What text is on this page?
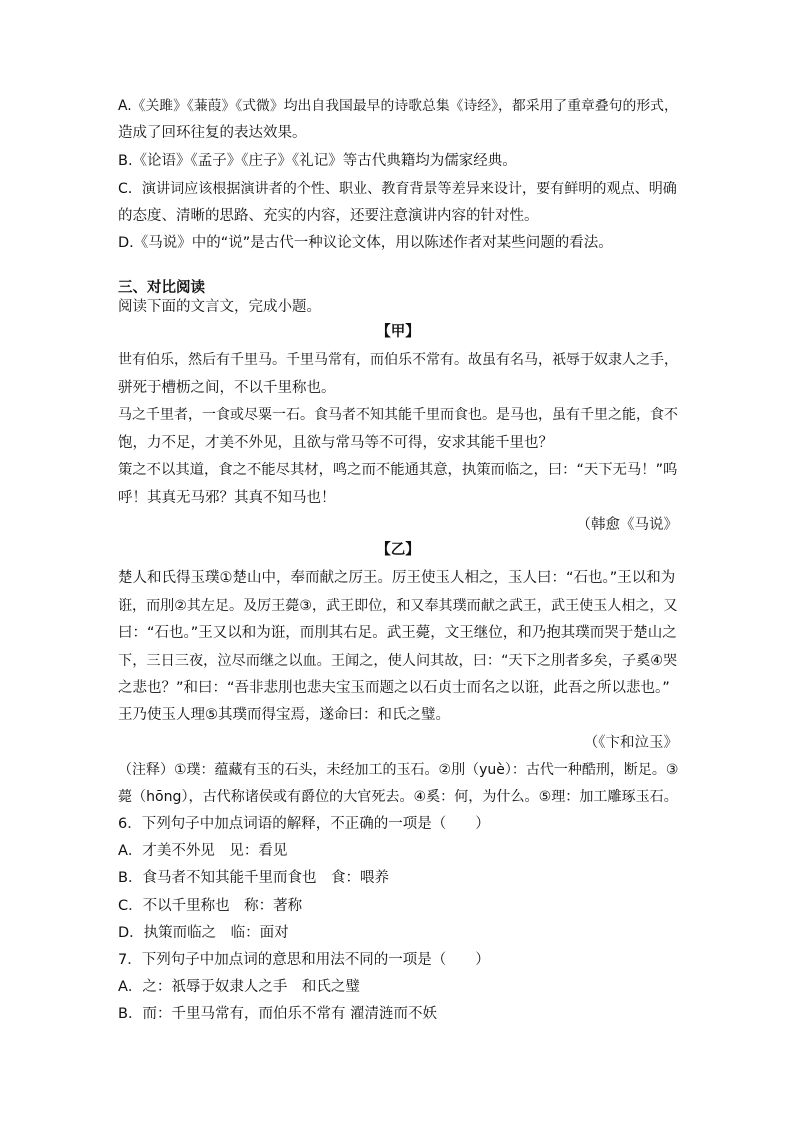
A.《关雎》《蒹葭》《式微》均出自我国最早的诗歌总集《诗经》，都采用了重章叠句的形式，
造成了回环往复的表达效果。
B.《论语》《孟子》《庄子》《礼记》等古代典籍均为儒家经典。
C．演讲词应该根据演讲者的个性、职业、教育背景等差异来设计，要有鲜明的观点、明确
的态度、清晰的思路、充实的内容，还要注意演讲内容的针对性。
D.《马说》中的“说”是古代一种议论文体，用以陈述作者对某些问题的看法。
三、对比阅读
阅读下面的文言文，完成小题。
【甲】
世有伯乐，然后有千里马。千里马常有，而伯乐不常有。故虽有名马，祇辱于奴隶人之手，
骈死于槽枥之间，不以千里称也。
马之千里者，一食或尽粟一石。食马者不知其能千里而食也。是马也，虽有千里之能，食不
饱，力不足，才美不外见，且欲与常马等不可得，安求其能千里也？
策之不以其道，食之不能尽其材，鸣之而不能通其意，执策而临之，曰：“天下无马！”呜
呼！其真无马邪？其真不知马也！
（韩愈《马说》
【乙】
楚人和氏得玉璞①楚山中，奉而献之厉王。厉王使玉人相之，玉人曰：“石也。”王以和为
诳，而刖②其左足。及厉王薨③，武王即位，和又奉其璞而献之武王，武王使玉人相之，又
曰：“石也。”王又以和为诳，而刖其右足。武王薨，文王继位，和乃抱其璞而哭于楚山之
下，三日三夜，泣尽而继之以血。王闻之，使人问其故，曰：“天下之刖者多矣，子奚④哭
之悲也？”和曰：“吾非悲刖也悲夫宝玉而题之以石贞士而名之以诳，此吾之所以悲也。”
王乃使玉人理⑤其璞而得宝焉，遂命曰：和氏之璧。
（《卞和泣玉》
（注释）①璞：蕴藏有玉的石头，未经加工的玉石。②刖（yuè）：古代一种酷刑，断足。③
薨（hōng），古代称诸侯或有爵位的大官死去。④奚：何，为什么。⑤理：加工雕琢玉石。
6．下列句子中加点词语的解释，不正确的一项是（　　）
A．才美不外见　见：看见
B．食马者不知其能千里而食也　食：喂养
C．不以千里称也　称：著称
D．执策而临之　临：面对
7．下列句子中加点词的意思和用法不同的一项是（　　）
A．之：祇辱于奴隶人之手　和氏之璧
B．而：千里马常有，而伯乐不常有 濯清涟而不妖
